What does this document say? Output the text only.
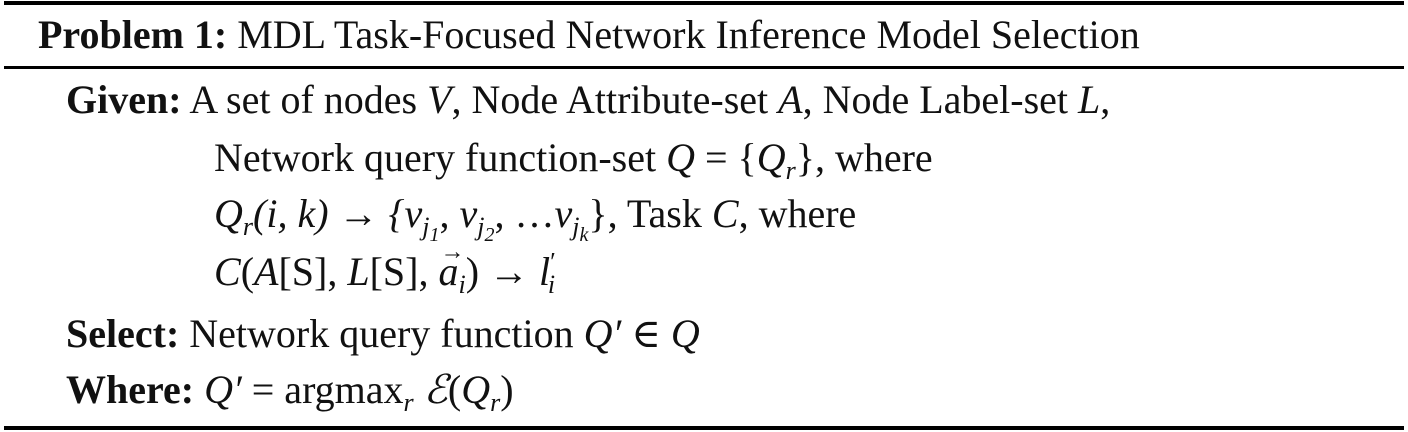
Problem 1: MDL Task-Focused Network Inference Model Selection
Given: A set of nodes V, Node Attribute-set A, Node Label-set L,
Network query function-set $Q = \{Q_r\}$, where
$Q_r(i$, $k) \to \{v_{j_1}$, $v_{j_2}$, $\dots v_{j_k}$}, Task C, where
C(A[S], L[S], → $a_i) \to l'_i$
Select: Network query function Q′ ∈ Q
Where: Q′ = argmax$_r$ $ℰ(Q_r)$
